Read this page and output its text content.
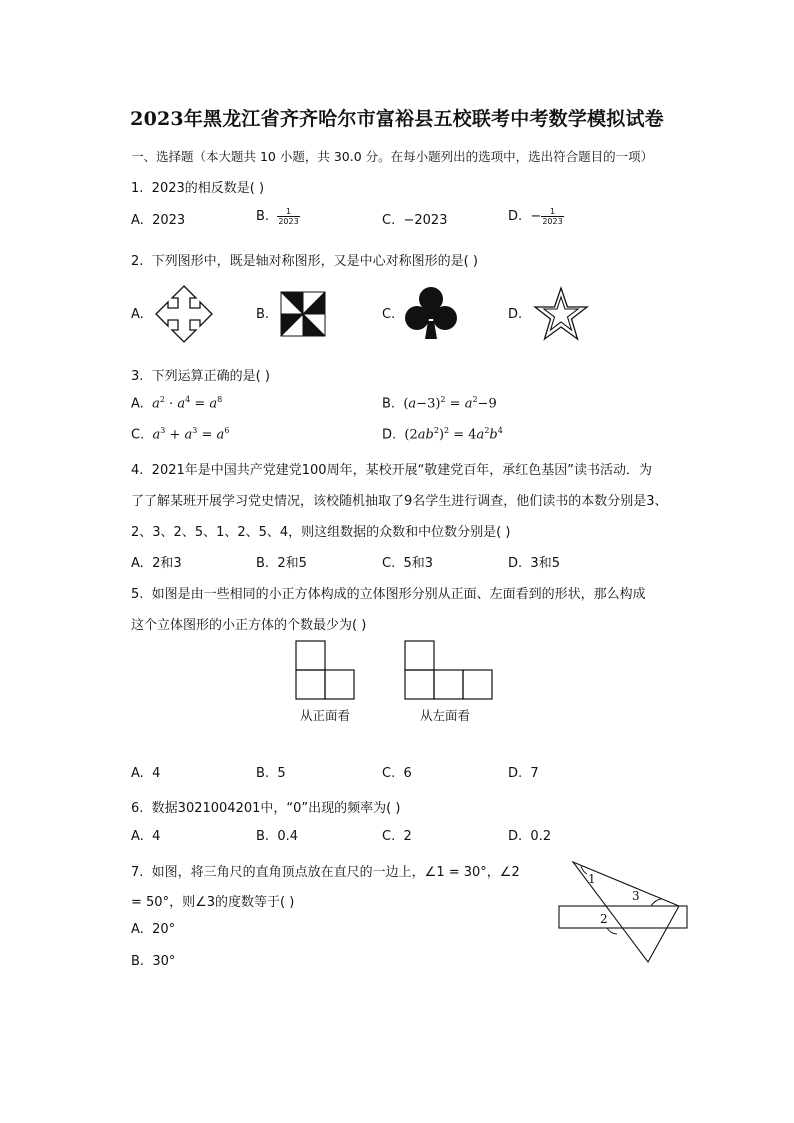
2023年黑龙江省齐齐哈尔市富裕县五校联考中考数学模拟试卷
一、选择题（本大题共 10 小题，共 30.0 分。在每小题列出的选项中，选出符合题目的一项）
1. 2023的相反数是( )
A. 2023	B. $\frac{1}{2023}$	C. −2023	D. − $\frac{1}{2023}$
2. 下列图形中，既是轴对称图形，又是中心对称图形的是( )
A.	B.	C.	D.
3. 下列运算正确的是( )
A. $a^2 \cdot a^4 = a^8$	B. $(a-3)^2 = a^2-9$
C. $a^3 + a^3 = a^6$	D. $(2ab^2)^2 = 4a^2b^4$
4. 2021年是中国共产党建党100周年，某校开展“敬建党百年，承红色基因”读书活动．为
了了解某班开展学习党史情况，该校随机抽取了9名学生进行调查，他们读书的本数分别是3、
2、3、2、5、1、2、5、4，则这组数据的众数和中位数分别是( )
A. 2和3	B. 2和5	C. 5和3	D. 3和5
5. 如图是由一些相同的小正方体构成的立体图形分别从正面、左面看到的形状，那么构成
这个立体图形的小正方体的个数最少为( )
从正面看	从左面看
A. 4	B. 5	C. 6	D. 7
6. 数据3021004201中，“0”出现的频率为( )
A. 4	B. 0.4	C. 2	D. 0.2
7. 如图，将三角尺的直角顶点放在直尺的一边上，∠1 = 30°，∠2
= 50°，则∠3的度数等于( )
A. 20°
B. 30°
1
3
2
